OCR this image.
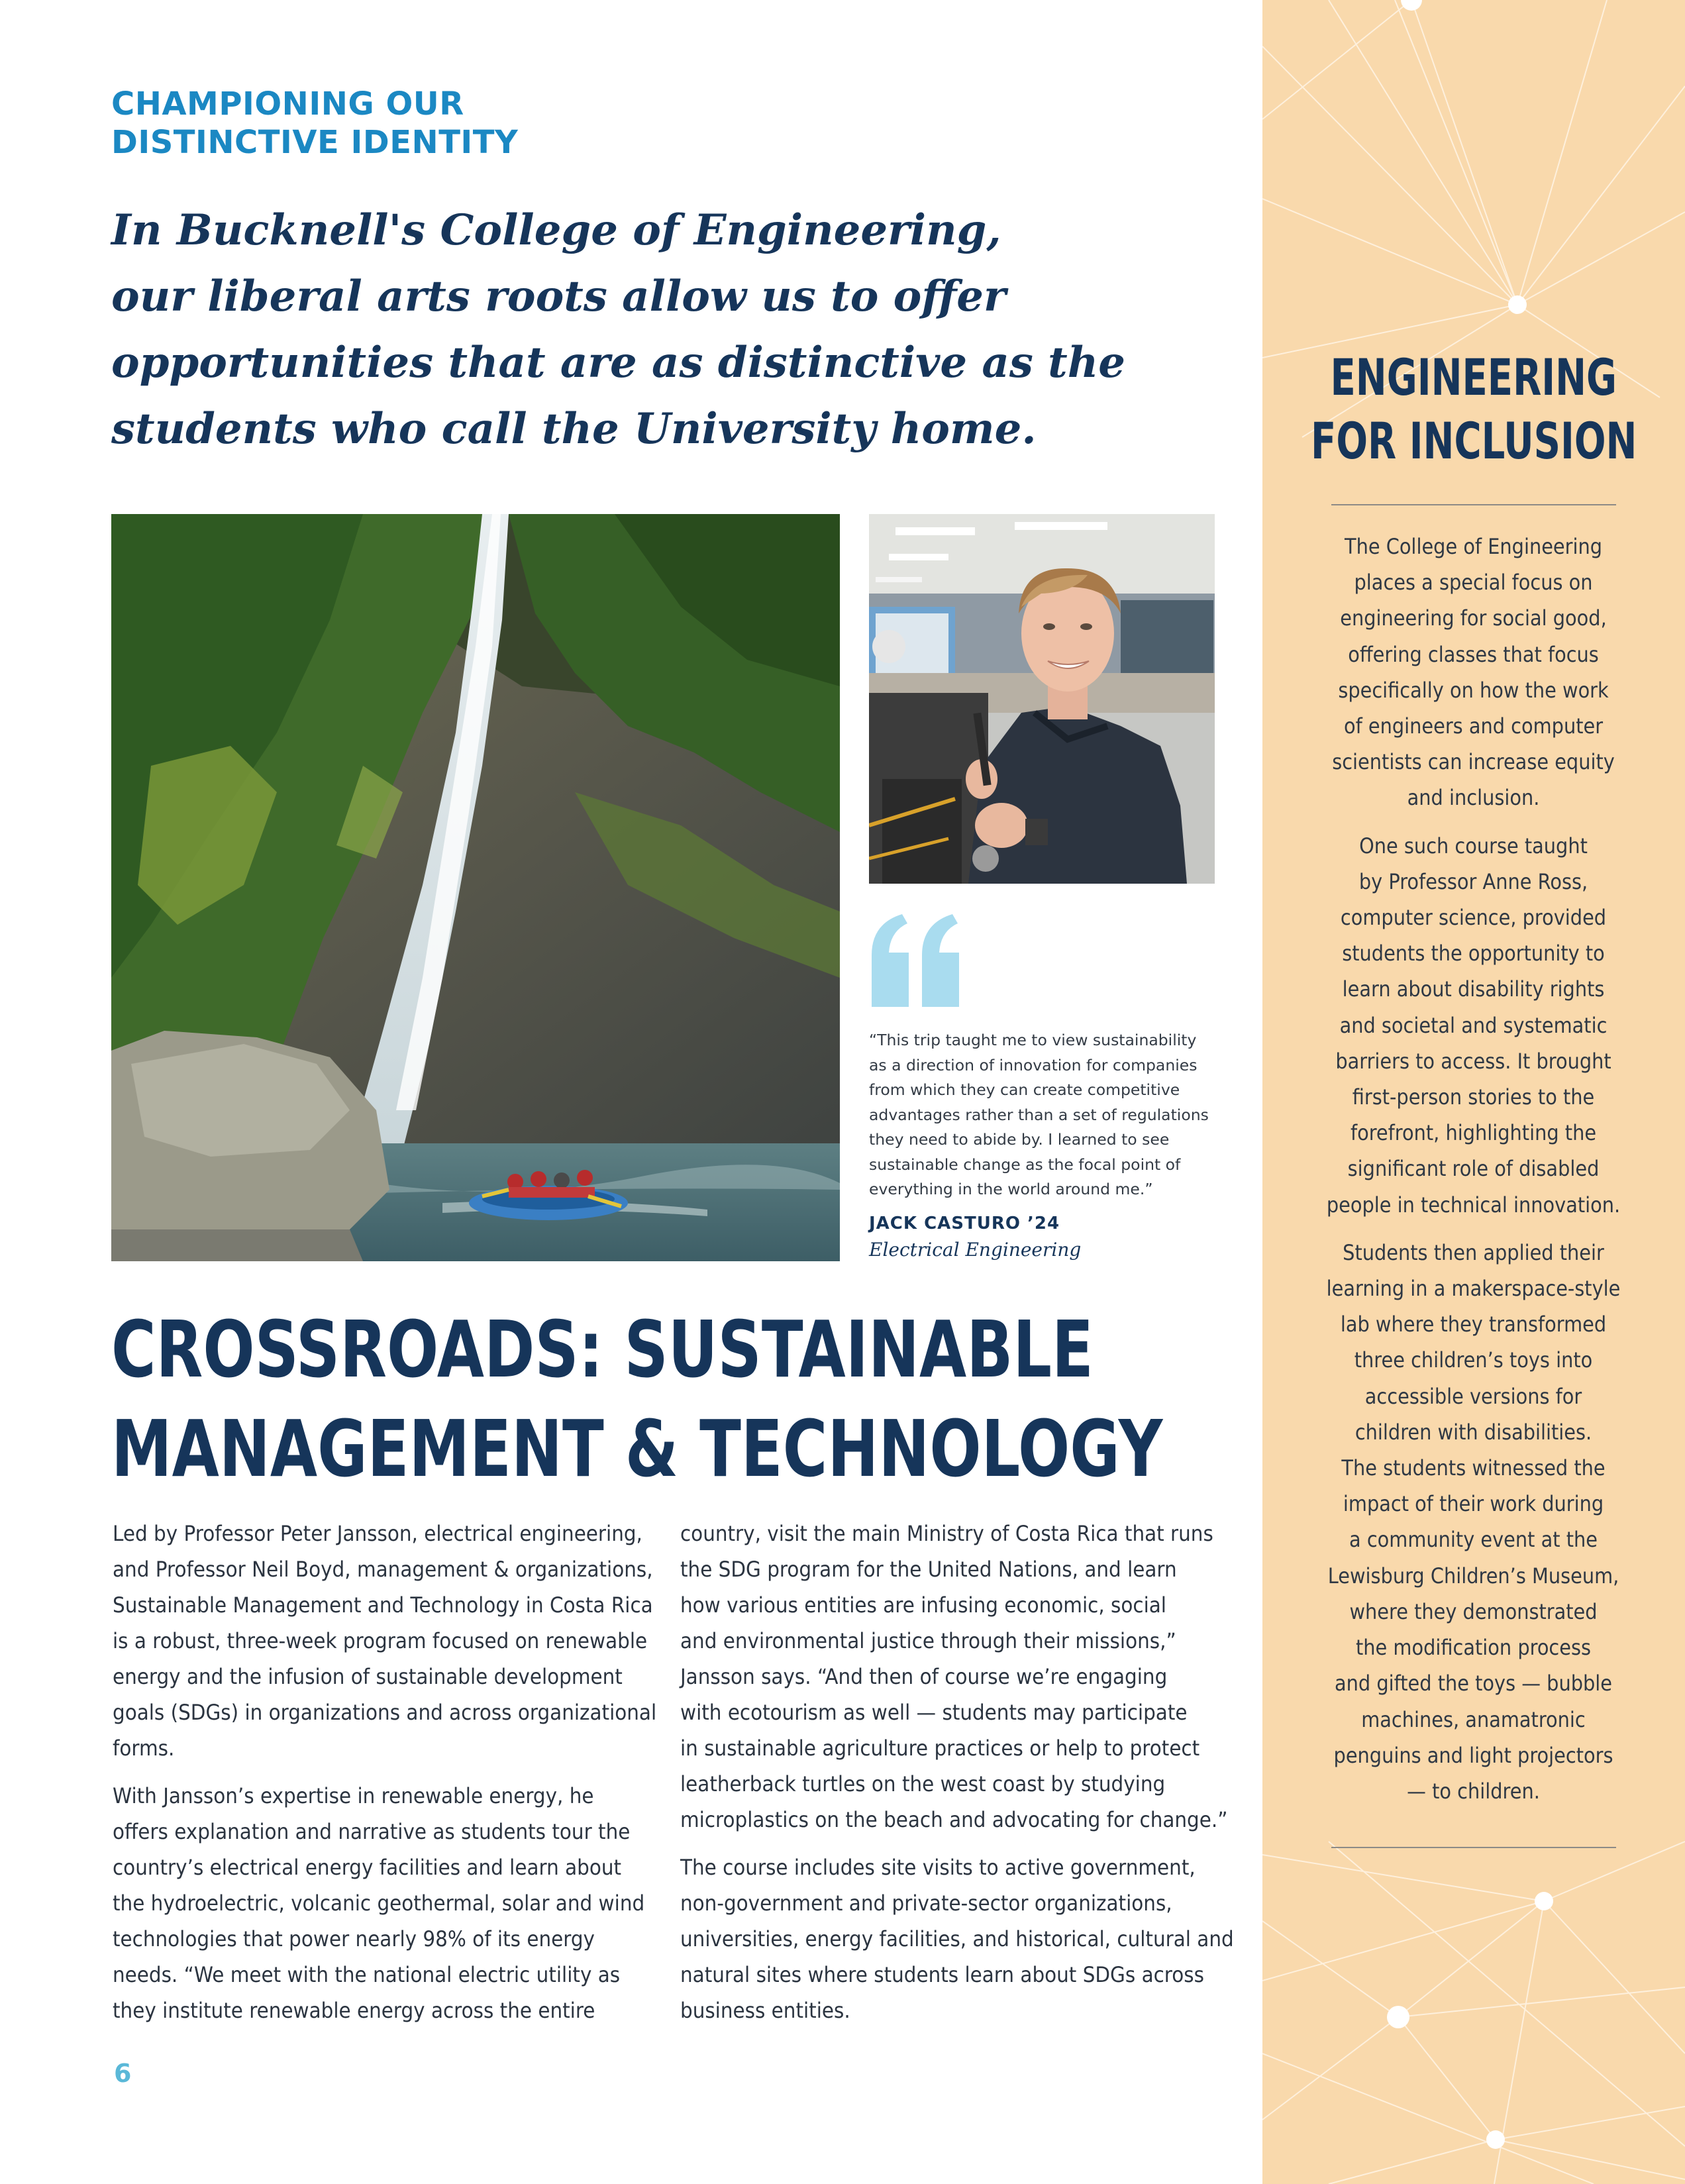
CHAMPIONING OUR
DISTINCTIVE IDENTITY
In Bucknell's College of Engineering,
our liberal arts roots allow us to offer
opportunities that are as distinctive as the
students who call the University home.
“This trip taught me to view sustainability
as a direction of innovation for companies
from which they can create competitive
advantages rather than a set of regulations
they need to abide by. I learned to see
sustainable change as the focal point of
everything in the world around me.”
JACK CASTURO ’24
Electrical Engineering
CROSSROADS: SUSTAINABLE
MANAGEMENT & TECHNOLOGY
Led by Professor Peter Jansson, electrical engineering,
and Professor Neil Boyd, management & organizations,
Sustainable Management and Technology in Costa Rica
is a robust, three-week program focused on renewable
energy and the infusion of sustainable development
goals (SDGs) in organizations and across organizational
forms.
With Jansson’s expertise in renewable energy, he
offers explanation and narrative as students tour the
country’s electrical energy facilities and learn about
the hydroelectric, volcanic geothermal, solar and wind
technologies that power nearly 98% of its energy
needs. “We meet with the national electric utility as
they institute renewable energy across the entire
country, visit the main Ministry of Costa Rica that runs
the SDG program for the United Nations, and learn
how various entities are infusing economic, social
and environmental justice through their missions,”
Jansson says. “And then of course we’re engaging
with ecotourism as well — students may participate
in sustainable agriculture practices or help to protect
leatherback turtles on the west coast by studying
microplastics on the beach and advocating for change.”
The course includes site visits to active government,
non-government and private-sector organizations,
universities, energy facilities, and historical, cultural and
natural sites where students learn about SDGs across
business entities.
6
ENGINEERING
FOR INCLUSION
The College of Engineering
places a special focus on
engineering for social good,
offering classes that focus
specifically on how the work
of engineers and computer
scientists can increase equity
and inclusion.
One such course taught
by Professor Anne Ross,
computer science, provided
students the opportunity to
learn about disability rights
and societal and systematic
barriers to access. It brought
first-person stories to the
forefront, highlighting the
significant role of disabled
people in technical innovation.
Students then applied their
learning in a makerspace-style
lab where they transformed
three children’s toys into
accessible versions for
children with disabilities.
The students witnessed the
impact of their work during
a community event at the
Lewisburg Children’s Museum,
where they demonstrated
the modification process
and gifted the toys — bubble
machines, anamatronic
penguins and light projectors
— to children.
